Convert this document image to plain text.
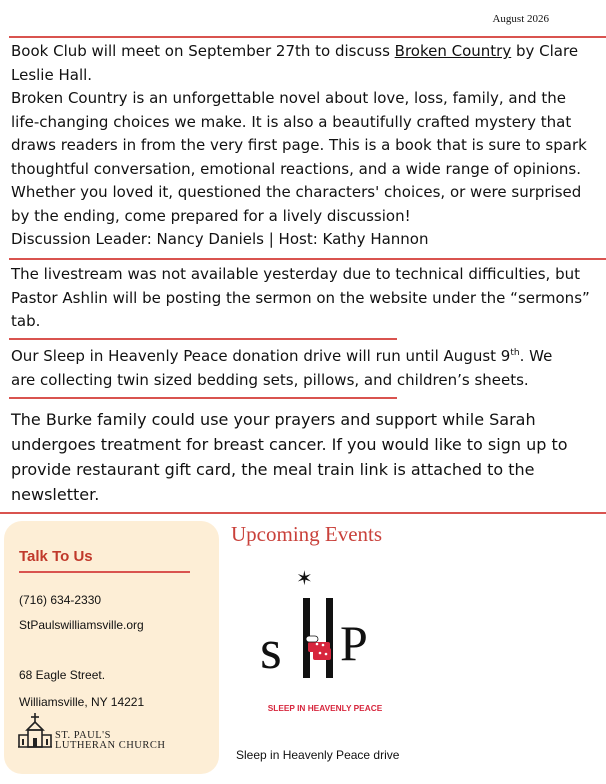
August 2026

Book Club will meet on September 27th to discuss Broken Country by Clare Leslie Hall.

Broken Country is an unforgettable novel about love, loss, family, and the life-changing choices we make. It is also a beautifully crafted mystery that draws readers in from the very first page. This is a book that is sure to spark thoughtful conversation, emotional reactions, and a wide range of opinions. Whether you loved it, questioned the characters' choices, or were surprised by the ending, come prepared for a lively discussion!

Discussion Leader: Nancy Daniels | Host: Kathy Hannon

The livestream was not available yesterday due to technical difficulties, but Pastor Ashlin will be posting the sermon on the website under the “sermons” tab.

Our Sleep in Heavenly Peace donation drive will run until August 9th. We are collecting twin sized bedding sets, pillows, and children’s sheets.

The Burke family could use your prayers and support while Sarah undergoes treatment for breast cancer. If you would like to sign up to provide restaurant gift card, the meal train link is attached to the newsletter.

Talk To Us
(716) 634-2330
StPaulswilliamsville.org
68 Eagle Street.
Williamsville, NY 14221
ST. PAUL'S
LUTHERAN CHURCH
Upcoming Events
✶
s P
SLEEP IN HEAVENLY PEACE
Sleep in Heavenly Peace drive
